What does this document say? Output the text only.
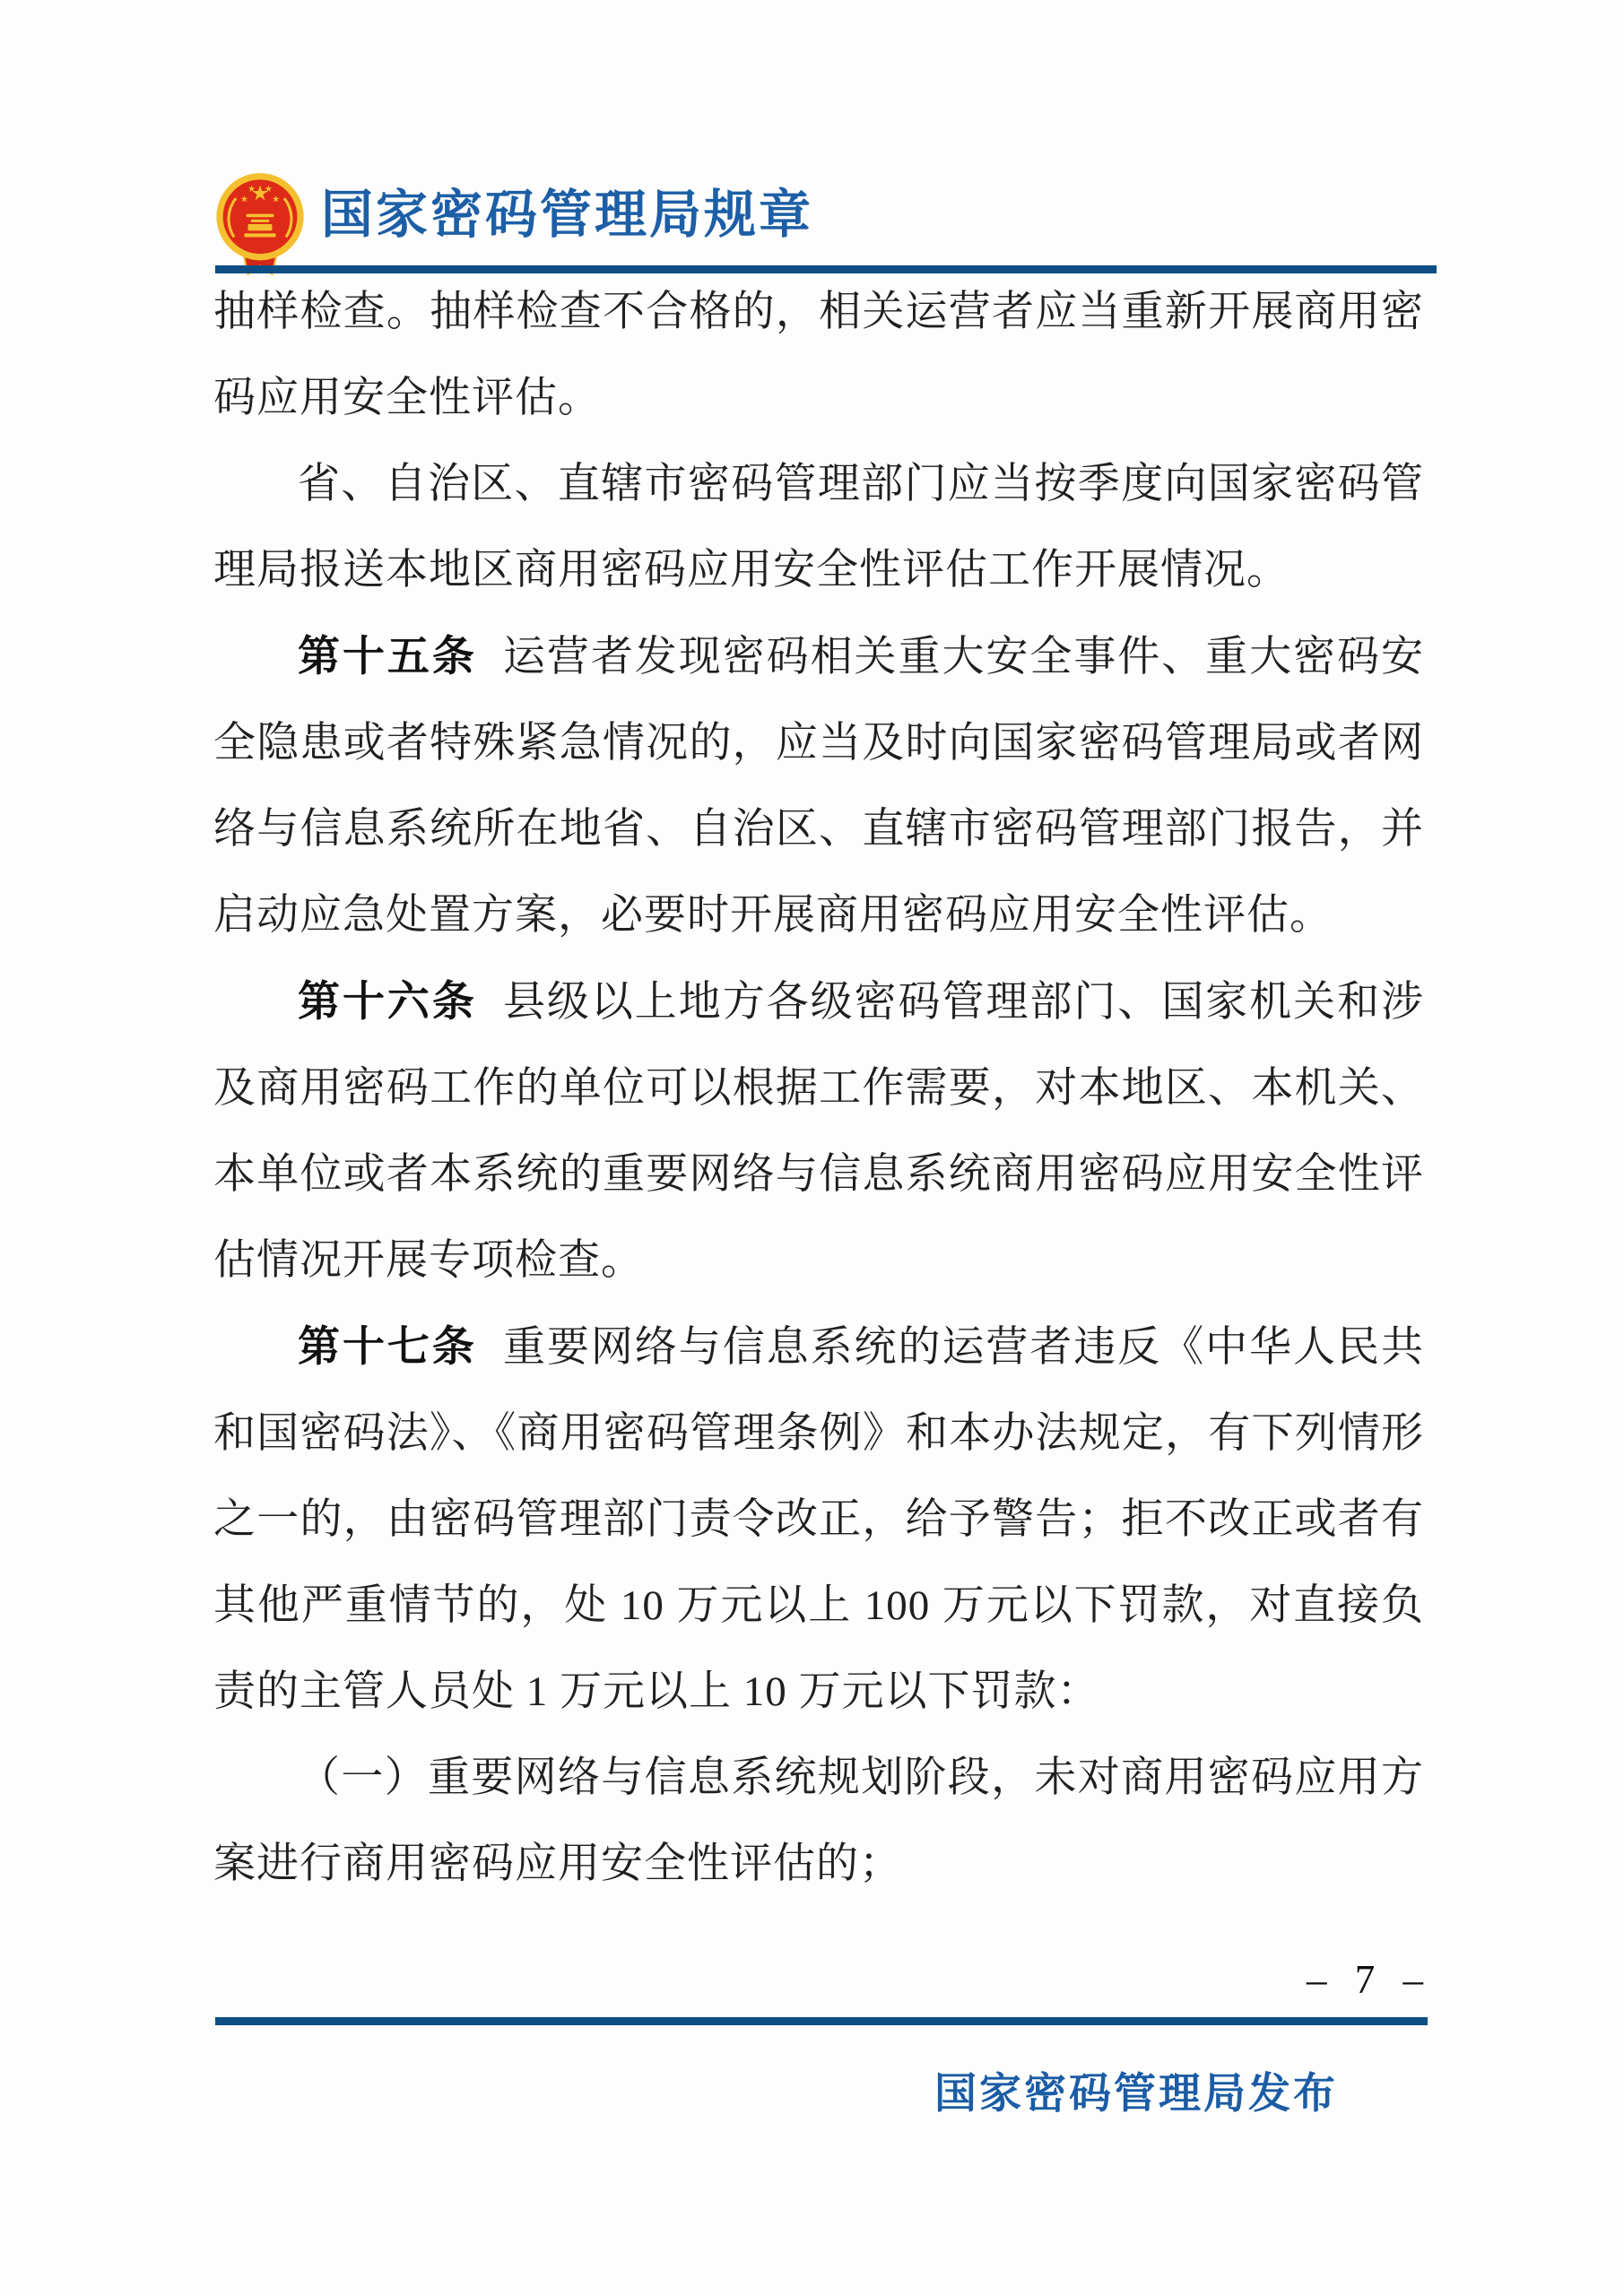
国家密码管理局规章

抽样检查。抽样检查不合格的，相关运营者应当重新开展商用密码应用安全性评估。

省、自治区、直辖市密码管理部门应当按季度向国家密码管理局报送本地区商用密码应用安全性评估工作开展情况。

第十五条 运营者发现密码相关重大安全事件、重大密码安全隐患或者特殊紧急情况的，应当及时向国家密码管理局或者网络与信息系统所在地省、自治区、直辖市密码管理部门报告，并启动应急处置方案，必要时开展商用密码应用安全性评估。

第十六条 县级以上地方各级密码管理部门、国家机关和涉及商用密码工作的单位可以根据工作需要，对本地区、本机关、本单位或者本系统的重要网络与信息系统商用密码应用安全性评估情况开展专项检查。

第十七条 重要网络与信息系统的运营者违反《中华人民共和国密码法》、《商用密码管理条例》和本办法规定，有下列情形之一的，由密码管理部门责令改正，给予警告；拒不改正或者有其他严重情节的，处 10 万元以上 100 万元以下罚款，对直接负责的主管人员处 1 万元以上 10 万元以下罚款：

（一）重要网络与信息系统规划阶段，未对商用密码应用方案进行商用密码应用安全性评估的；

– 7 –
国家密码管理局发布
